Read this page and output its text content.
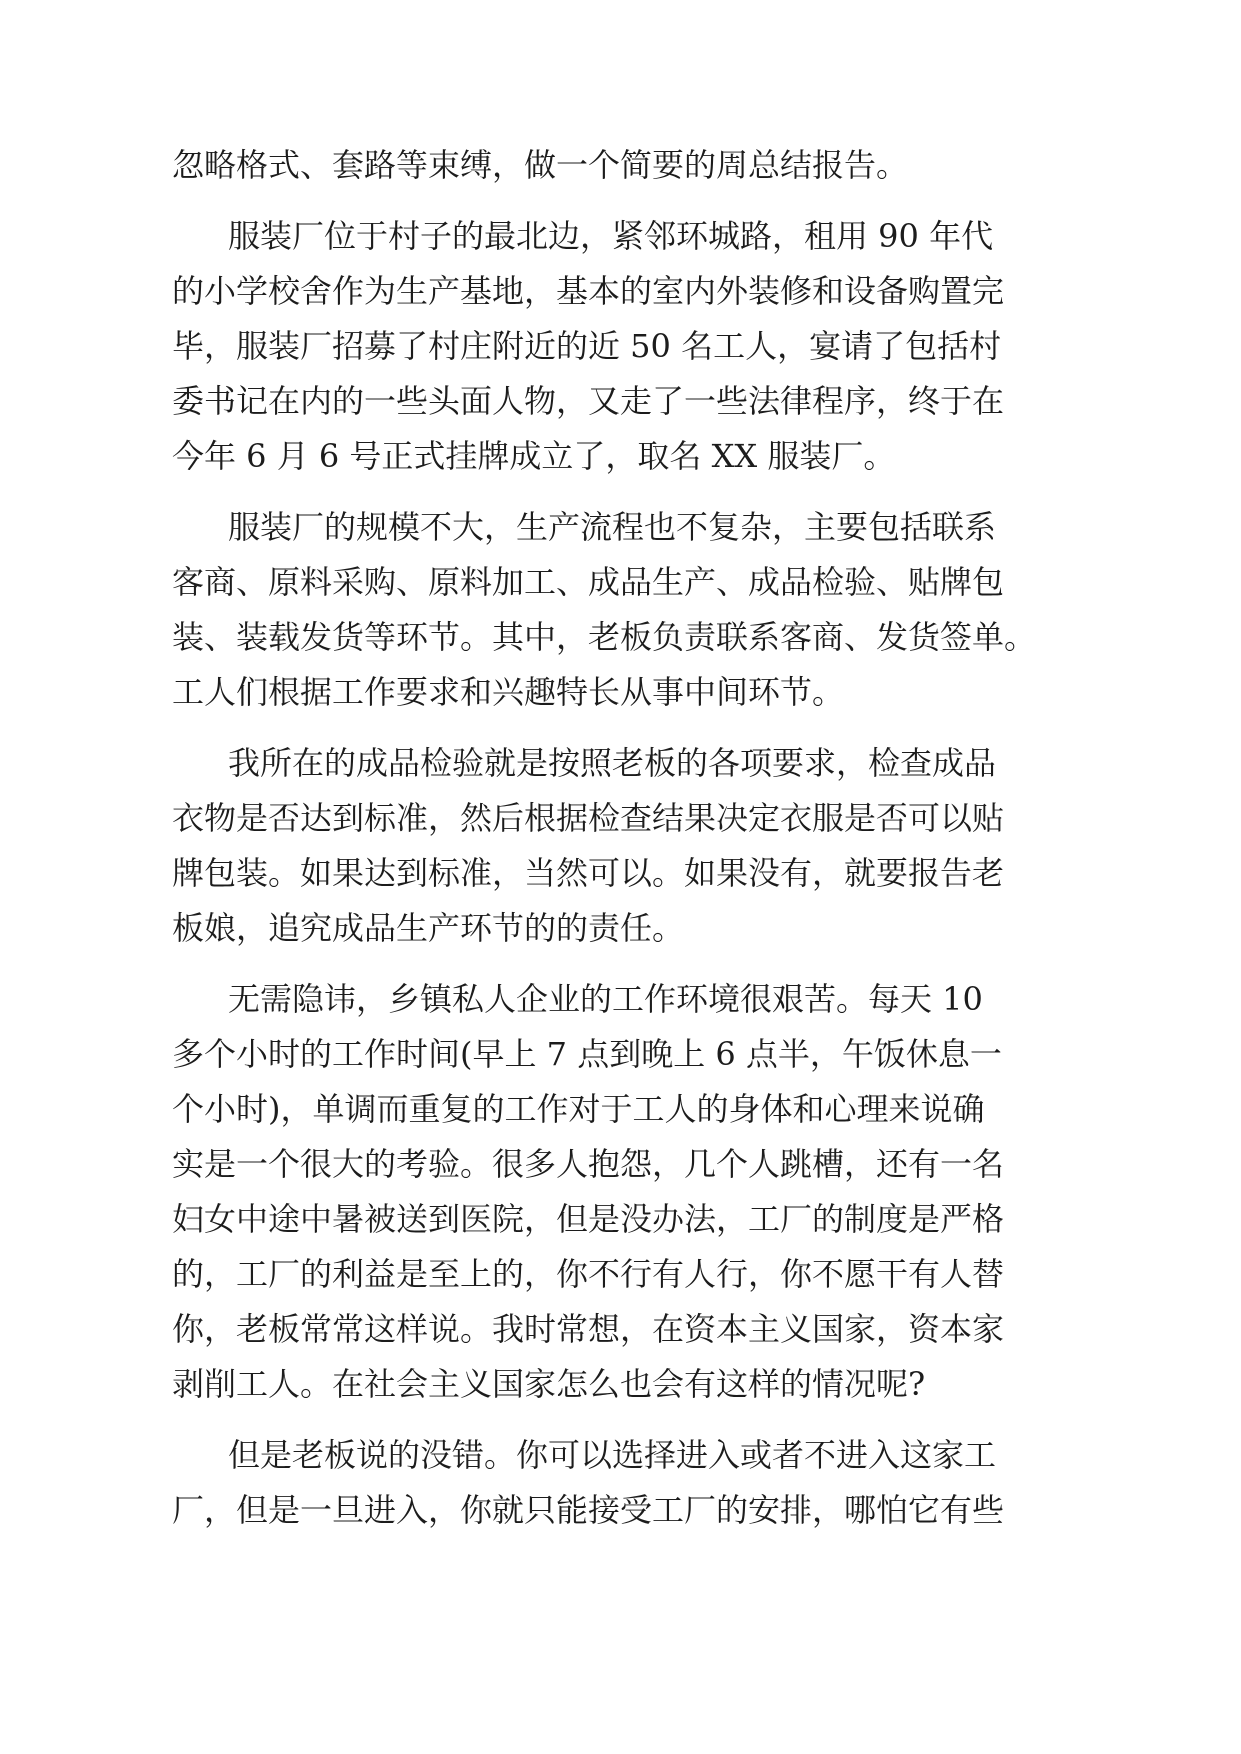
忽略格式、套路等束缚，做一个简要的周总结报告。

服装厂位于村子的最北边，紧邻环城路，租用 90 年代

的小学校舍作为生产基地，基本的室内外装修和设备购置完

毕，服装厂招募了村庄附近的近 50 名工人，宴请了包括村

委书记在内的一些头面人物，又走了一些法律程序，终于在

今年 6 月 6 号正式挂牌成立了，取名 XX 服装厂。

服装厂的规模不大，生产流程也不复杂，主要包括联系

客商、原料采购、原料加工、成品生产、成品检验、贴牌包

装、装载发货等环节。其中，老板负责联系客商、发货签单。

工人们根据工作要求和兴趣特长从事中间环节。

我所在的成品检验就是按照老板的各项要求，检查成品

衣物是否达到标准，然后根据检查结果决定衣服是否可以贴

牌包装。如果达到标准，当然可以。如果没有，就要报告老

板娘，追究成品生产环节的的责任。

无需隐讳，乡镇私人企业的工作环境很艰苦。每天 10

多个小时的工作时间(早上 7 点到晚上 6 点半，午饭休息一

个小时)，单调而重复的工作对于工人的身体和心理来说确

实是一个很大的考验。很多人抱怨，几个人跳槽，还有一名

妇女中途中暑被送到医院，但是没办法，工厂的制度是严格

的，工厂的利益是至上的，你不行有人行，你不愿干有人替

你，老板常常这样说。我时常想，在资本主义国家，资本家

剥削工人。在社会主义国家怎么也会有这样的情况呢?

但是老板说的没错。你可以选择进入或者不进入这家工

厂，但是一旦进入，你就只能接受工厂的安排，哪怕它有些
